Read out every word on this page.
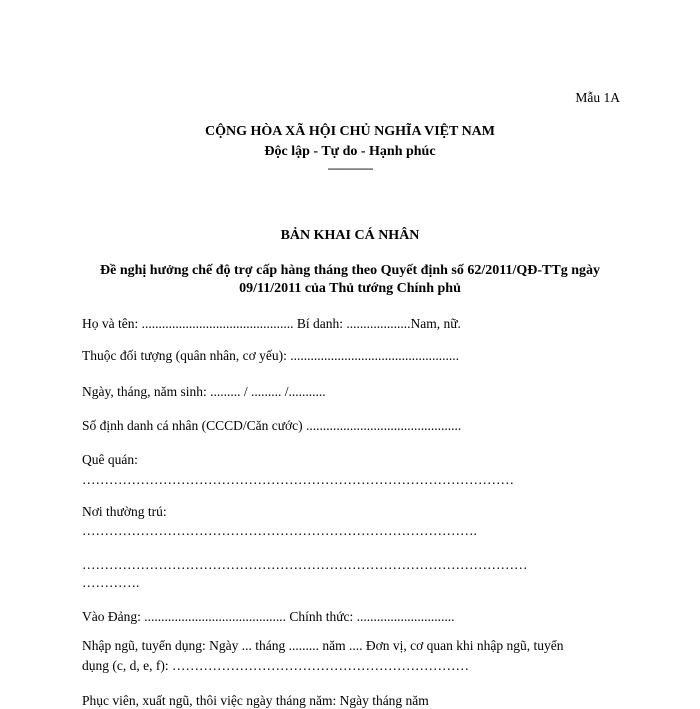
Mẫu 1A
CỘNG HÒA XÃ HỘI CHỦ NGHĨA VIỆT NAM
Độc lập - Tự do - Hạnh phúc
---------------
BẢN KHAI CÁ NHÂN
Đề nghị hưởng chế độ trợ cấp hàng tháng theo Quyết định số 62/2011/QĐ-TTg ngày
09/11/2011 của Thủ tướng Chính phủ
Họ và tên: ............................................. Bí danh: ...................Nam, nữ.
Thuộc đối tượng (quân nhân, cơ yếu): ..................................................
Ngày, tháng, năm sinh: ......... / ......... /...........
Số định danh cá nhân (CCCD/Căn cước) ..............................................
Quê quán:
……………………………………………………………………………………
Nơi thường trú:
…………………………………………………………………………….
………………………………………………………………………………………
………….
Vào Đảng: .......................................... Chính thức: .............................
Nhập ngũ, tuyển dụng: Ngày ... tháng ......... năm .... Đơn vị, cơ quan khi nhập ngũ, tuyển
dụng (c, d, e, f): …………………………………………………………
Phục viên, xuất ngũ, thôi việc ngày tháng năm: Ngày tháng năm
